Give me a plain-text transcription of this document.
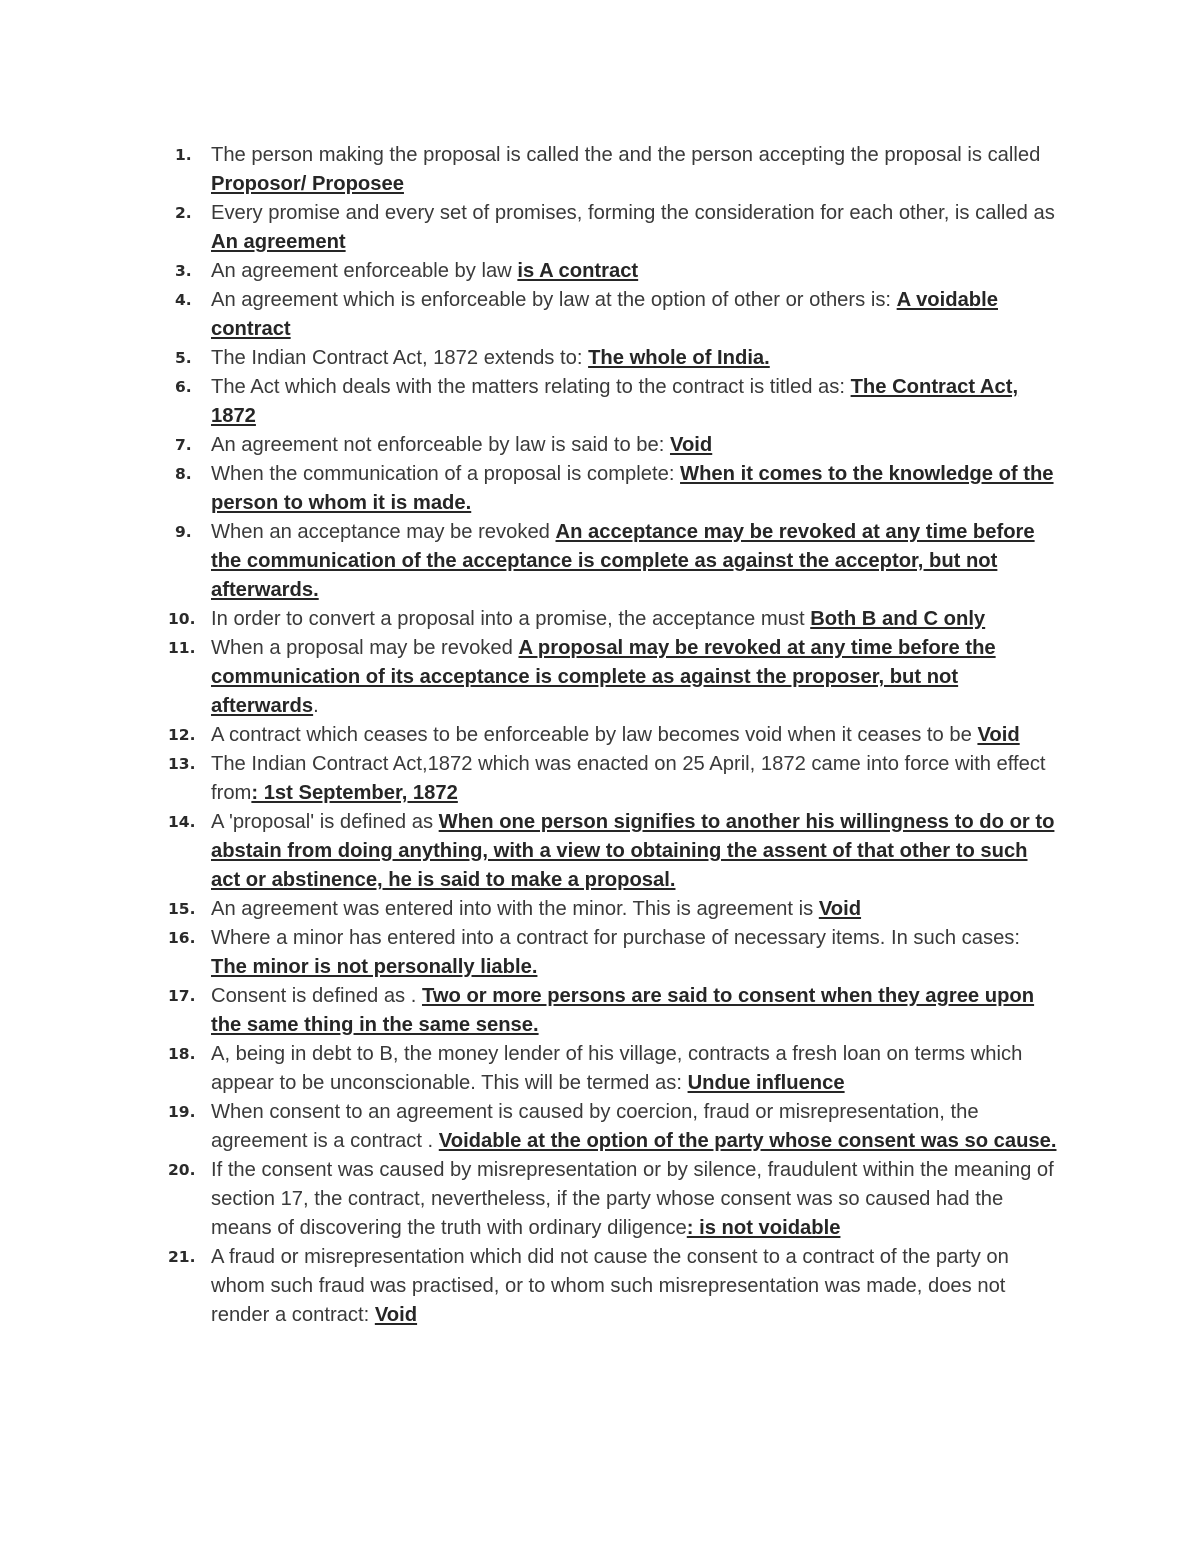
1. The person making the proposal is called the and the person accepting the proposal is called Proposor/ Proposee
2. Every promise and every set of promises, forming the consideration for each other, is called as An agreement
3. An agreement enforceable by law is A contract
4. An agreement which is enforceable by law at the option of other or others is: A voidable contract
5. The Indian Contract Act, 1872 extends to: The whole of India.
6. The Act which deals with the matters relating to the contract is titled as: The Contract Act, 1872
7. An agreement not enforceable by law is said to be: Void
8. When the communication of a proposal is complete: When it comes to the knowledge of the person to whom it is made.
9. When an acceptance may be revoked An acceptance may be revoked at any time before the communication of the acceptance is complete as against the acceptor, but not afterwards.
10. In order to convert a proposal into a promise, the acceptance must Both B and C only
11. When a proposal may be revoked A proposal may be revoked at any time before the communication of its acceptance is complete as against the proposer, but not afterwards.
12. A contract which ceases to be enforceable by law becomes void when it ceases to be Void
13. The Indian Contract Act,1872 which was enacted on 25 April, 1872 came into force with effect from: 1st September, 1872
14. A 'proposal' is defined as When one person signifies to another his willingness to do or to abstain from doing anything, with a view to obtaining the assent of that other to such act or abstinence, he is said to make a proposal.
15. An agreement was entered into with the minor. This is agreement is Void
16. Where a minor has entered into a contract for purchase of necessary items. In such cases: The minor is not personally liable.
17. Consent is defined as . Two or more persons are said to consent when they agree upon the same thing in the same sense.
18. A, being in debt to B, the money lender of his village, contracts a fresh loan on terms which appear to be unconscionable. This will be termed as: Undue influence
19. When consent to an agreement is caused by coercion, fraud or misrepresentation, the agreement is a contract . Voidable at the option of the party whose consent was so cause.
20. If the consent was caused by misrepresentation or by silence, fraudulent within the meaning of section 17, the contract, nevertheless, if the party whose consent was so caused had the means of discovering the truth with ordinary diligence: is not voidable
21. A fraud or misrepresentation which did not cause the consent to a contract of the party on whom such fraud was practised, or to whom such misrepresentation was made, does not render a contract: Void
